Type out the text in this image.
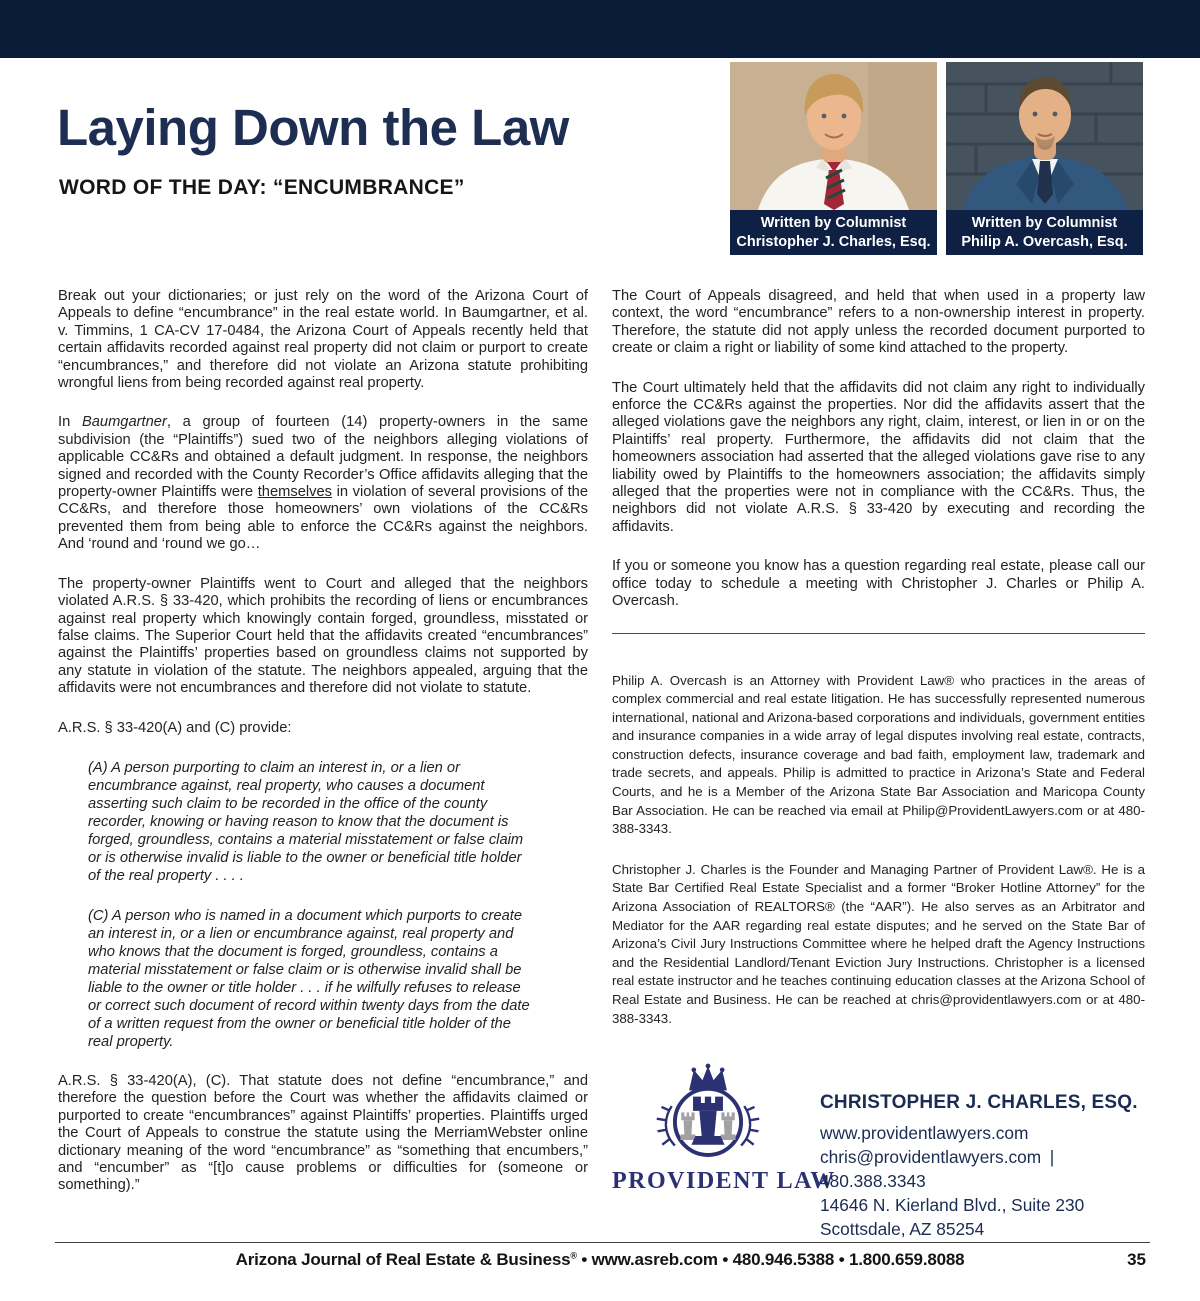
Laying Down the Law
WORD OF THE DAY: “ENCUMBRANCE”
Written by Columnist
Christopher J. Charles, Esq.
Written by Columnist
Philip A. Overcash, Esq.

Break out your dictionaries; or just rely on the word of the Arizona Court of Appeals to define “encumbrance” in the real estate world. In Baumgartner, et al. v. Timmins, 1 CA-CV 17-0484, the Arizona Court of Appeals recently held that certain affidavits recorded against real property did not claim or purport to create “encumbrances,” and therefore did not violate an Arizona statute prohibiting wrongful liens from being recorded against real property.

In Baumgartner, a group of fourteen (14) property-owners in the same subdivision (the “Plaintiffs”) sued two of the neighbors alleging violations of applicable CC&Rs and obtained a default judgment. In response, the neighbors signed and recorded with the County Recorder’s Office affidavits alleging that the property-owner Plaintiffs were themselves in violation of several provisions of the CC&Rs, and therefore those homeowners’ own violations of the CC&Rs prevented them from being able to enforce the CC&Rs against the neighbors. And ‘round and ‘round we go…

The property-owner Plaintiffs went to Court and alleged that the neighbors violated A.R.S. § 33-420, which prohibits the recording of liens or encumbrances against real property which knowingly contain forged, groundless, misstated or false claims. The Superior Court held that the affidavits created “encumbrances” against the Plaintiffs’ properties based on groundless claims not supported by any statute in violation of the statute. The neighbors appealed, arguing that the affidavits were not encumbrances and therefore did not violate to statute.

A.R.S. § 33-420(A) and (C) provide:

(A) A person purporting to claim an interest in, or a lien or encumbrance against, real property, who causes a document asserting such claim to be recorded in the office of the county recorder, knowing or having reason to know that the document is forged, groundless, contains a material misstatement or false claim or is otherwise invalid is liable to the owner or beneficial title holder of the real property . . . .

(C) A person who is named in a document which purports to create an interest in, or a lien or encumbrance against, real property and who knows that the document is forged, groundless, contains a material misstatement or false claim or is otherwise invalid shall be liable to the owner or title holder . . . if he wilfully refuses to release or correct such document of record within twenty days from the date of a written request from the owner or beneficial title holder of the real property.

A.R.S. § 33-420(A), (C). That statute does not define “encumbrance,” and therefore the question before the Court was whether the affidavits claimed or purported to create “encumbrances” against Plaintiffs’ properties. Plaintiffs urged the Court of Appeals to construe the statute using the MerriamWebster online dictionary meaning of the word “encumbrance” as “something that encumbers,” and “encumber” as “[t]o cause problems or difficulties for (someone or something).”

The Court of Appeals disagreed, and held that when used in a property law context, the word “encumbrance” refers to a non-ownership interest in property. Therefore, the statute did not apply unless the recorded document purported to create or claim a right or liability of some kind attached to the property.

The Court ultimately held that the affidavits did not claim any right to individually enforce the CC&Rs against the properties. Nor did the affidavits assert that the alleged violations gave the neighbors any right, claim, interest, or lien in or on the Plaintiffs’ real property. Furthermore, the affidavits did not claim that the homeowners association had asserted that the alleged violations gave rise to any liability owed by Plaintiffs to the homeowners association; the affidavits simply alleged that the properties were not in compliance with the CC&Rs. Thus, the neighbors did not violate A.R.S. § 33-420 by executing and recording the affidavits.

If you or someone you know has a question regarding real estate, please call our office today to schedule a meeting with Christopher J. Charles or Philip A. Overcash.

Philip A. Overcash is an Attorney with Provident Law® who practices in the areas of complex commercial and real estate litigation. He has successfully represented numerous international, national and Arizona-based corporations and individuals, government entities and insurance companies in a wide array of legal disputes involving real estate, contracts, construction defects, insurance coverage and bad faith, employment law, trademark and trade secrets, and appeals. Philip is admitted to practice in Arizona’s State and Federal Courts, and he is a Member of the Arizona State Bar Association and Maricopa County Bar Association. He can be reached via email at Philip@ProvidentLawyers.com or at 480-388-3343.

Christopher J. Charles is the Founder and Managing Partner of Provident Law®. He is a State Bar Certified Real Estate Specialist and a former “Broker Hotline Attorney” for the Arizona Association of REALTORS® (the “AAR”). He also serves as an Arbitrator and Mediator for the AAR regarding real estate disputes; and he served on the State Bar of Arizona’s Civil Jury Instructions Committee where he helped draft the Agency Instructions and the Residential Landlord/Tenant Eviction Jury Instructions. Christopher is a licensed real estate instructor and he teaches continuing education classes at the Arizona School of Real Estate and Business. He can be reached at chris@providentlawyers.com or at 480-388-3343.

PROVIDENT LAW
CHRISTOPHER J. CHARLES, ESQ.
www.providentlawyers.com
chris@providentlawyers.com | 480.388.3343
14646 N. Kierland Blvd., Suite 230
Scottsdale, AZ 85254
Arizona Journal of Real Estate & Business® • www.asreb.com • 480.946.5388 • 1.800.659.8088	35
